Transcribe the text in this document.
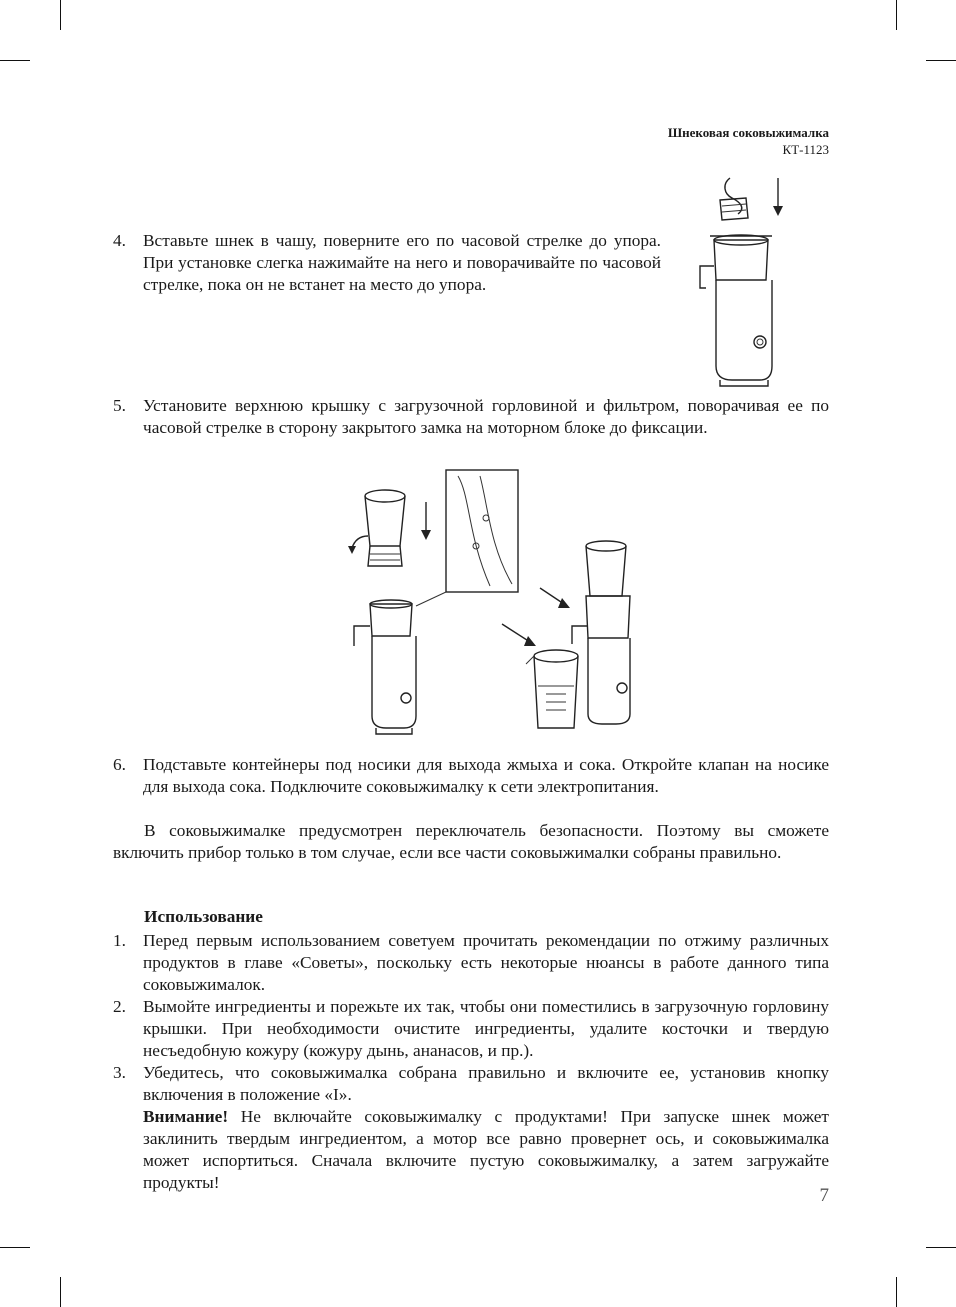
Шнековая соковыжималка
КТ-1123
4. Вставьте шнек в чашу, поверните его по часовой стрелке до упора. При установке слегка нажимайте на него и поворачивайте по часовой стрелке, пока он не встанет на место до упора.
5. Установите верхнюю крышку с загрузочной горловиной и фильтром, поворачивая ее по часовой стрелке в сторону закрытого замка на моторном блоке до фиксации.
6. Подставьте контейнеры под носики для выхода жмыха и сока. Откройте клапан на носике для выхода сока. Подключите соковыжималку к сети электропитания.
В соковыжималке предусмотрен переключатель безопасности. Поэтому вы сможете включить прибор только в том случае, если все части соковыжималки собраны правильно.
Использование
1. Перед первым использованием советуем прочитать рекомендации по отжиму различных продуктов в главе «Советы», поскольку есть некоторые нюансы в работе данного типа соковыжималок.
2. Вымойте ингредиенты и порежьте их так, чтобы они поместились в загрузочную горловину крышки. При необходимости очистите ингредиенты, удалите косточки и твердую несъедобную кожуру (кожуру дынь, ананасов, и пр.).
3. Убедитесь, что соковыжималка собрана правильно и включите ее, установив кнопку включения в положение «I».
Внимание! Не включайте соковыжималку с продуктами! При запуске шнек может заклинить твердым ингредиентом, а мотор все равно провернет ось, и соковыжималка может испортиться. Сначала включите пустую соковыжималку, а затем загружайте продукты!
7
